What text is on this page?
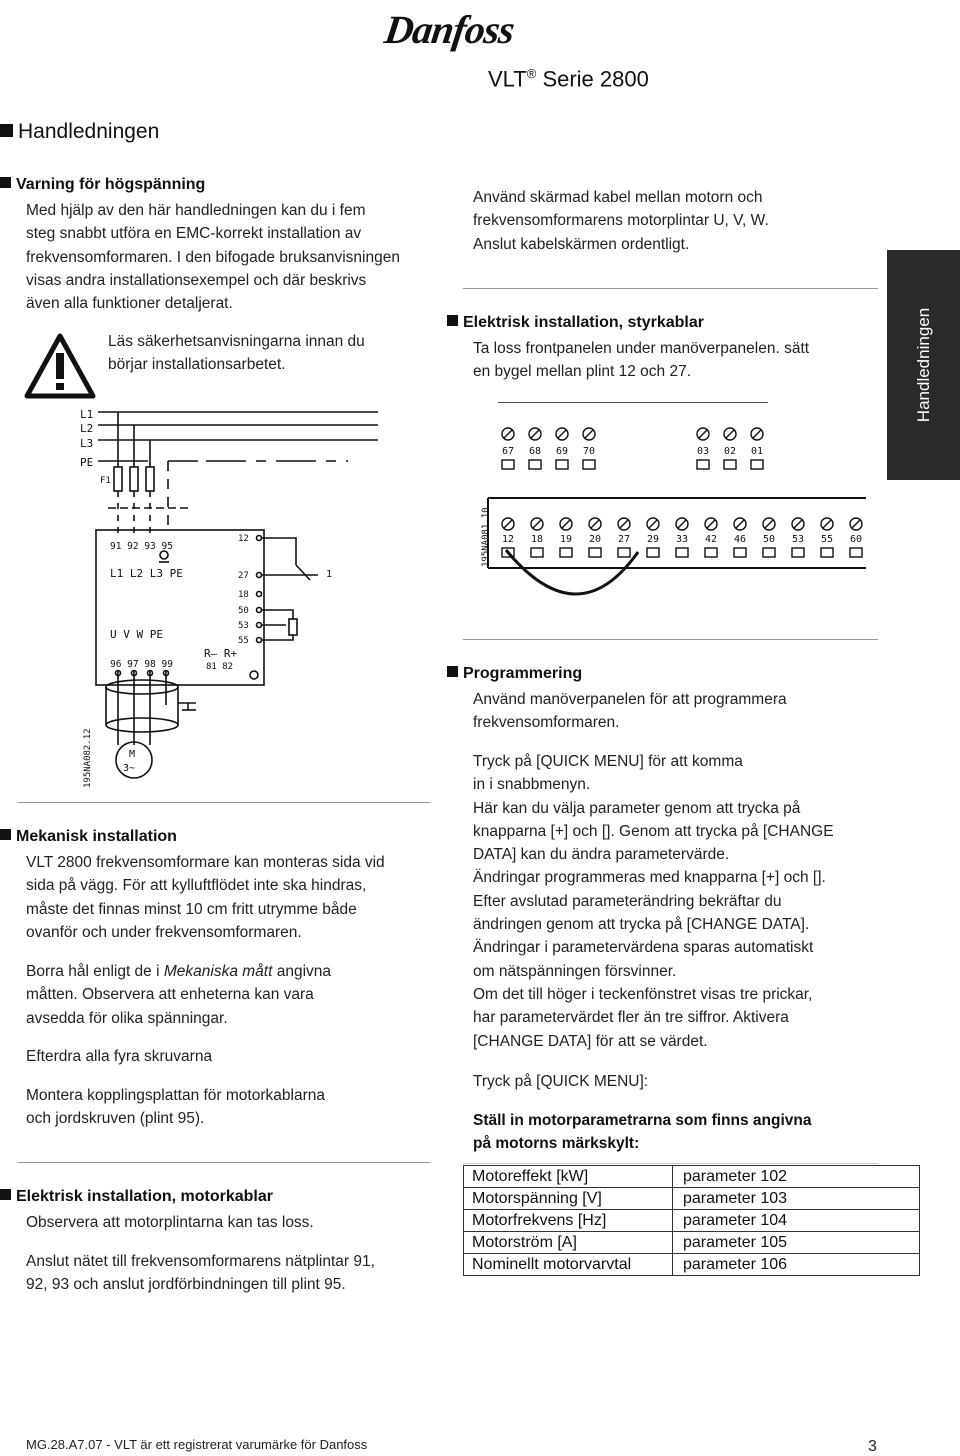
Danfoss
VLT® Serie 2800
Handledningen
Handledningen
Varning för högspänning
Med hjälp av den här handledningen kan du i fem
steg snabbt utföra en EMC-korrekt installation av
frekvensomformaren. I den bifogade bruksanvisningen
visas andra installationsexempel och där beskrivs
även alla funktioner detaljerat.
Läs säkerhetsanvisningarna innan du
börjar installationsarbetet.
Använd skärmad kabel mellan motorn och
frekvensomformarens motorplintar U, V, W.
Anslut kabelskärmen ordentligt.
Elektrisk installation, styrkablar
Ta loss frontpanelen under manöverpanelen. sätt
en bygel mellan plint 12 och 27.
L1
L2
L3
PE
F1
91 92 93 95
L1 L2 L3 PE
U V W PE
96 97 98 99
R– R+
81 82
12
27
18
50
53
55
1
M
3~
195NA082.12
67 68 69 70	03 02 01
12 18 19 20 27 29 33 42 46 50 53 55 60
195NA081.10
Programmering
Använd manöverpanelen för att programmera
frekvensomformaren.
Tryck på [QUICK MENU] för att komma
in i snabbmenyn.
Här kan du välja parameter genom att trycka på
knapparna [+] och []. Genom att trycka på [CHANGE
DATA] kan du ändra parametervärde.
Ändringar programmeras med knapparna [+] och [].
Efter avslutad parameterändring bekräftar du
ändringen genom att trycka på [CHANGE DATA].
Ändringar i parametervärdena sparas automatiskt
om nätspänningen försvinner.
Om det till höger i teckenfönstret visas tre prickar,
har parametervärdet fler än tre siffror. Aktivera
[CHANGE DATA] för att se värdet.
Tryck på [QUICK MENU]:
Ställ in motorparametrarna som finns angivna
på motorns märkskylt:
Motoreffekt [kW]	parameter 102
Motorspänning [V]	parameter 103
Motorfrekvens [Hz]	parameter 104
Motorström [A]	parameter 105
Nominellt motorvarvtal	parameter 106
Mekanisk installation
VLT 2800 frekvensomformare kan monteras sida vid
sida på vägg. För att kylluftflödet inte ska hindras,
måste det finnas minst 10 cm fritt utrymme både
ovanför och under frekvensomformaren.
Borra hål enligt de i Mekaniska mått angivna
måtten. Observera att enheterna kan vara
avsedda för olika spänningar.
Efterdra alla fyra skruvarna
Montera kopplingsplattan för motorkablarna
och jordskruven (plint 95).
Elektrisk installation, motorkablar
Observera att motorplintarna kan tas loss.
Anslut nätet till frekvensomformarens nätplintar 91,
92, 93 och anslut jordförbindningen till plint 95.
MG.28.A7.07 - VLT är ett registrerat varumärke för Danfoss	3
